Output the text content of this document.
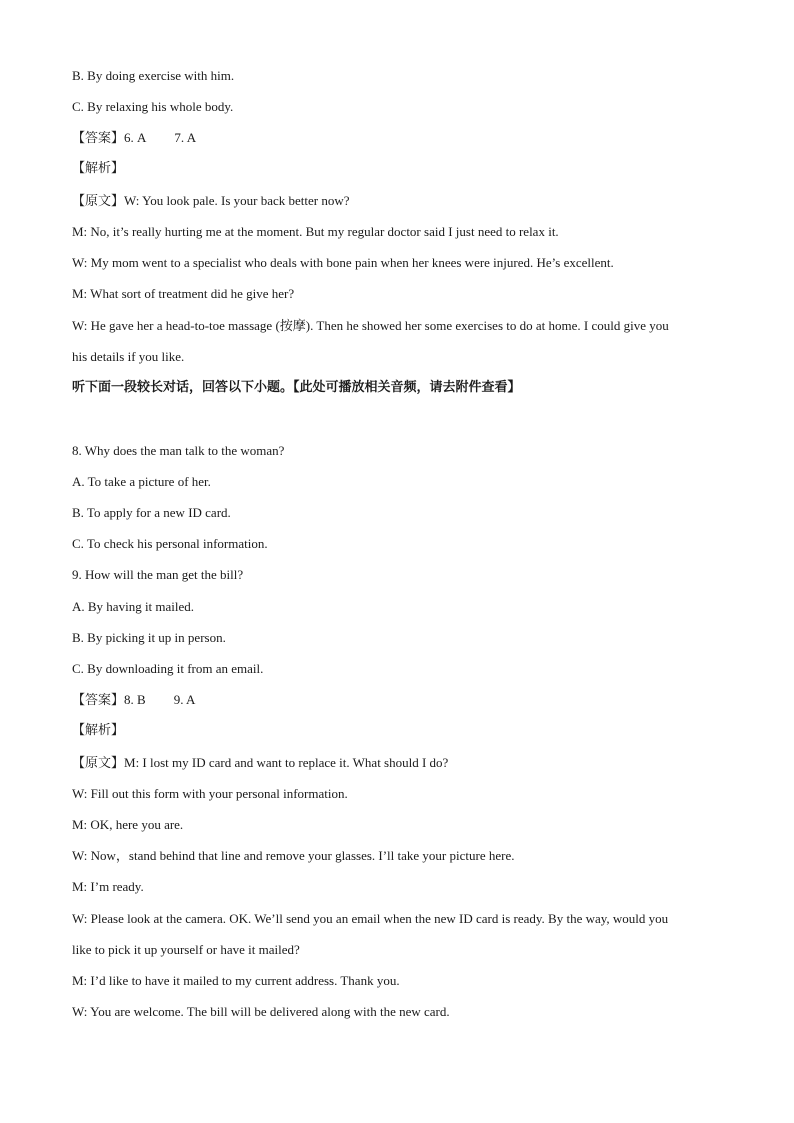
B. By doing exercise with him.
C. By relaxing his whole body.
【答案】6. A 7. A
【解析】
【原文】W: You look pale. Is your back better now?
M: No, it’s really hurting me at the moment. But my regular doctor said I just need to relax it.
W: My mom went to a specialist who deals with bone pain when her knees were injured. He’s excellent.
M: What sort of treatment did he give her?
W: He gave her a head-to-toe massage (按摩). Then he showed her some exercises to do at home. I could give you
his details if you like.
听下面一段较长对话，回答以下小题。【此处可播放相关音频，请去附件查看】
8. Why does the man talk to the woman?
A. To take a picture of her.
B. To apply for a new ID card.
C. To check his personal information.
9. How will the man get the bill?
A. By having it mailed.
B. By picking it up in person.
C. By downloading it from an email.
【答案】8. B 9. A
【解析】
【原文】M: I lost my ID card and want to replace it. What should I do?
W: Fill out this form with your personal information.
M: OK, here you are.
W: Now，stand behind that line and remove your glasses. I’ll take your picture here.
M: I’m ready.
W: Please look at the camera. OK. We’ll send you an email when the new ID card is ready. By the way, would you
like to pick it up yourself or have it mailed?
M: I’d like to have it mailed to my current address. Thank you.
W: You are welcome. The bill will be delivered along with the new card.
